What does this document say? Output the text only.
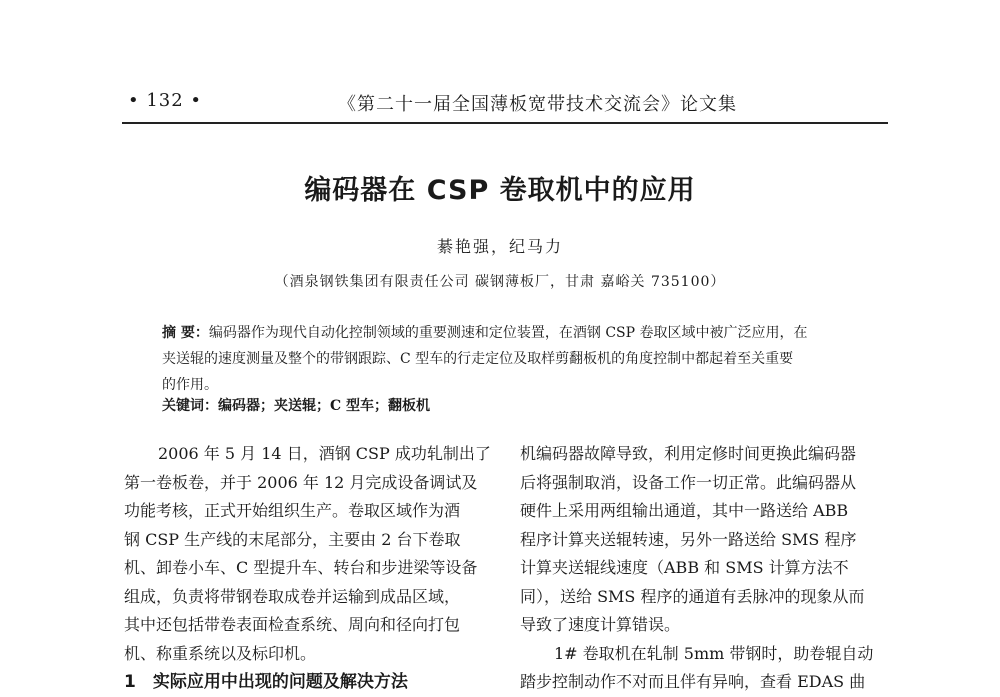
• 132 •	《第二十一届全国薄板宽带技术交流会》论文集
编码器在 CSP 卷取机中的应用
綦艳强，纪马力
（酒泉钢铁集团有限责任公司 碳钢薄板厂，甘肃 嘉峪关 735100）
摘 要：编码器作为现代自动化控制领域的重要测速和定位装置，在酒钢 CSP 卷取区域中被广泛应用，在
夹送辊的速度测量及整个的带钢跟踪、C 型车的行走定位及取样剪翻板机的角度控制中都起着至关重要
的作用。
关键词：编码器；夹送辊；C 型车；翻板机
2006 年 5 月 14 日，酒钢 CSP 成功轧制出了
第一卷板卷，并于 2006 年 12 月完成设备调试及
功能考核，正式开始组织生产。卷取区域作为酒
钢 CSP 生产线的末尾部分，主要由 2 台下卷取
机、卸卷小车、C 型提升车、转台和步进梁等设备
组成，负责将带钢卷取成卷并运输到成品区域，
其中还包括带卷表面检查系统、周向和径向打包
机、称重系统以及标印机。
1　实际应用中出现的问题及解决方法
机编码器故障导致，利用定修时间更换此编码器
后将强制取消，设备工作一切正常。此编码器从
硬件上采用两组输出通道，其中一路送给 ABB
程序计算夹送辊转速，另外一路送给 SMS 程序
计算夹送辊线速度（ABB 和 SMS 计算方法不
同），送给 SMS 程序的通道有丢脉冲的现象从而
导致了速度计算错误。
1# 卷取机在轧制 5mm 带钢时，助卷辊自动
踏步控制动作不对而且伴有异响，查看 EDAS 曲
